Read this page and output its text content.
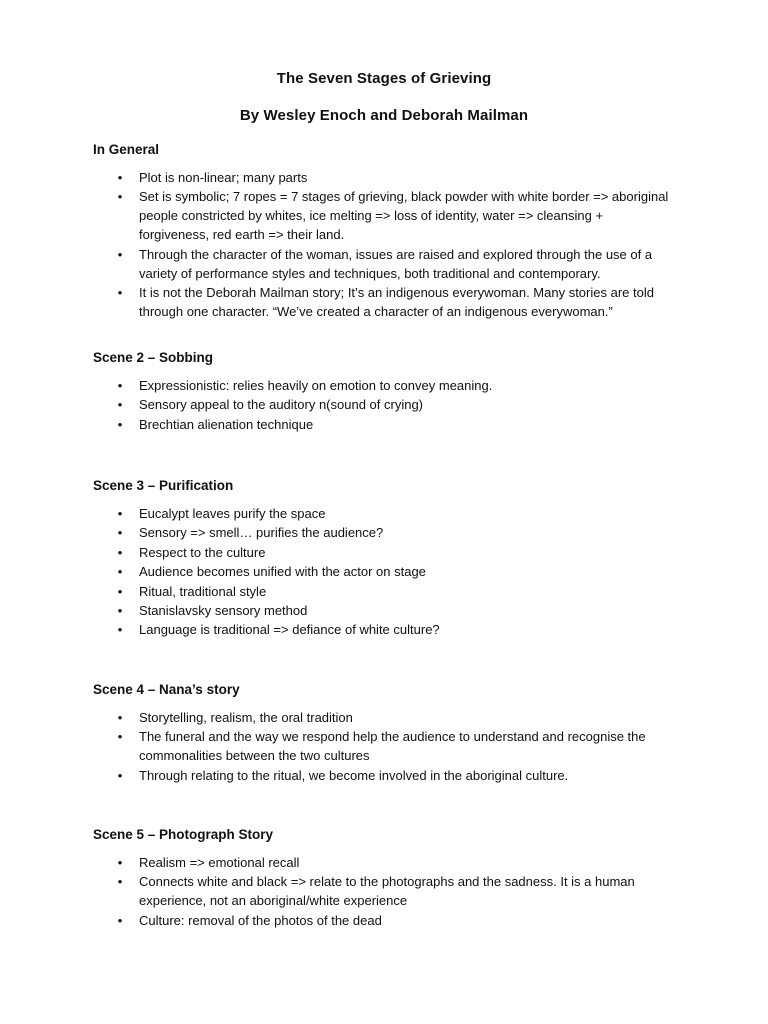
The Seven Stages of Grieving
By Wesley Enoch and Deborah Mailman
In General
• Plot is non-linear; many parts
• Set is symbolic; 7 ropes = 7 stages of grieving, black powder with white border => aboriginal people constricted by whites, ice melting => loss of identity, water => cleansing + forgiveness, red earth => their land.
• Through the character of the woman, issues are raised and explored through the use of a variety of performance styles and techniques, both traditional and contemporary.
• It is not the Deborah Mailman story; It’s an indigenous everywoman. Many stories are told through one character. “We’ve created a character of an indigenous everywoman.”
Scene 2 – Sobbing
• Expressionistic: relies heavily on emotion to convey meaning.
• Sensory appeal to the auditory n(sound of crying)
• Brechtian alienation technique
Scene 3 – Purification
• Eucalypt leaves purify the space
• Sensory => smell… purifies the audience?
• Respect to the culture
• Audience becomes unified with the actor on stage
• Ritual, traditional style
• Stanislavsky sensory method
• Language is traditional => defiance of white culture?
Scene 4 – Nana’s story
• Storytelling, realism, the oral tradition
• The funeral and the way we respond help the audience to understand and recognise the commonalities between the two cultures
• Through relating to the ritual, we become involved in the aboriginal culture.
Scene 5 – Photograph Story
• Realism => emotional recall
• Connects white and black => relate to the photographs and the sadness. It is a human experience, not an aboriginal/white experience
• Culture: removal of the photos of the dead
